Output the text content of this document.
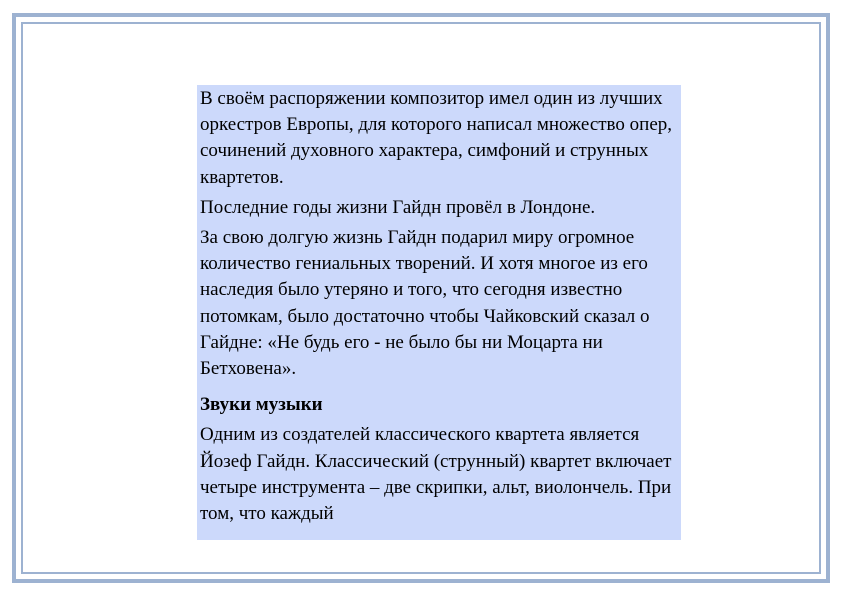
В своём распоряжении композитор имел один из лучших оркестров Европы, для которого написал множество опер, сочинений духовного характера, симфоний и струнных квартетов.

Последние годы жизни Гайдн провёл в Лондоне.

За свою долгую жизнь Гайдн подарил миру огромное количество гениальных творений. И хотя многое из его наследия было утеряно и того, что сегодня известно потомкам, было достаточно чтобы Чайковский сказал о Гайдне: «Не будь его - не было бы ни Моцарта ни Бетховена».

Звуки музыки

Одним из создателей классического квартета является Йозеф Гайдн. Классический (струнный) квартет включает четыре инструмента – две скрипки, альт, виолончель. При том, что каждый
